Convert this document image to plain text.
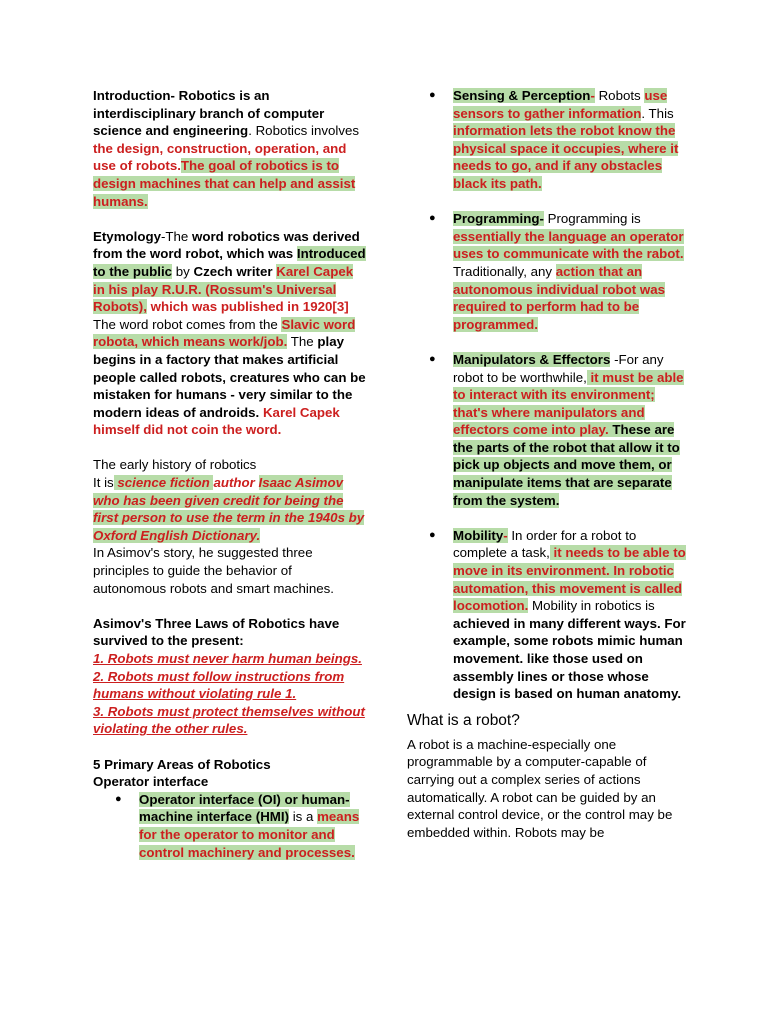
Introduction- Robotics is an interdisciplinary branch of computer science and engineering. Robotics involves the design, construction, operation, and use of robots.The goal of robotics is to design machines that can help and assist humans.

Etymology-The word robotics was derived from the word robot, which was Introduced to the public by Czech writer Karel Capek in his play R.U.R. (Rossum's Universal Robots), which was published in 1920[3] The word robot comes from the Slavic word robota, which means work/job. The play begins in a factory that makes artificial people called robots, creatures who can be mistaken for humans - very similar to the modern ideas of androids. Karel Capek himself did not coin the word.

The early history of robotics

It is science fiction author Isaac Asimov who has been given credit for being the first person to use the term in the 1940s by Oxford English Dictionary.

In Asimov's story, he suggested three principles to guide the behavior of autonomous robots and smart machines.

Asimov's Three Laws of Robotics have survived to the present:

1. Robots must never harm human beings.

2. Robots must follow instructions from humans without violating rule 1.

3. Robots must protect themselves without violating the other rules.

5 Primary Areas of Robotics

Operator interface

● Operator interface (OI) or human-machine interface (HMI) is a means for the operator to monitor and control machinery and processes.

● Sensing & Perception- Robots use sensors to gather information. This information lets the robot know the physical space it occupies, where it needs to go, and if any obstacles black its path.

● Programming- Programming is essentially the language an operator uses to communicate with the rabot. Traditionally, any action that an autonomous individual robot was required to perform had to be programmed.

● Manipulators & Effectors -For any robot to be worthwhile, it must be able to interact with its environment; that's where manipulators and effectors come into play. These are the parts of the robot that allow it to pick up objects and move them, or manipulate items that are separate from the system.

● Mobility- In order for a robot to complete a task, it needs to be able to move in its environment. In robotic automation, this movement is called locomotion. Mobility in robotics is achieved in many different ways. For example, some robots mimic human movement. like those used on assembly lines or those whose design is based on human anatomy.

What is a robot?

A robot is a machine-especially one programmable by a computer-capable of carrying out a complex series of actions automatically. A robot can be guided by an external control device, or the control may be embedded within. Robots may be
